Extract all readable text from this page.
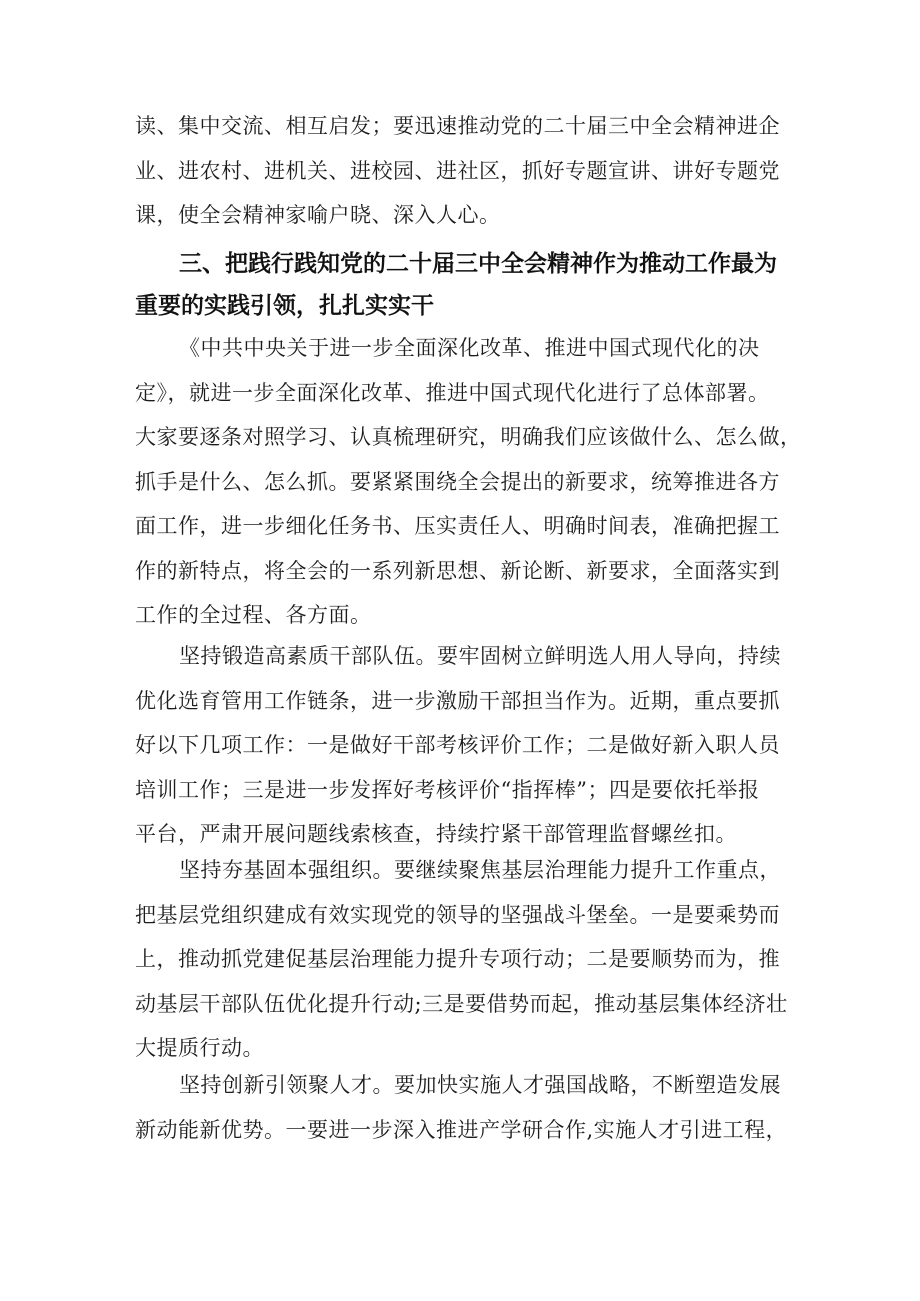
读、集中交流、相互启发；要迅速推动党的二十届三中全会精神进企
业、进农村、进机关、进校园、进社区，抓好专题宣讲、讲好专题党
课，使全会精神家喻户晓、深入人心。
三、把践行践知党的二十届三中全会精神作为推动工作最为
重要的实践引领，扎扎实实干
《中共中央关于进一步全面深化改革、推进中国式现代化的决
定》，就进一步全面深化改革、推进中国式现代化进行了总体部署。
大家要逐条对照学习、认真梳理研究，明确我们应该做什么、怎么做，
抓手是什么、怎么抓。要紧紧围绕全会提出的新要求，统筹推进各方
面工作，进一步细化任务书、压实责任人、明确时间表，准确把握工
作的新特点，将全会的一系列新思想、新论断、新要求，全面落实到
工作的全过程、各方面。
坚持锻造高素质干部队伍。要牢固树立鲜明选人用人导向，持续
优化选育管用工作链条，进一步激励干部担当作为。近期，重点要抓
好以下几项工作：一是做好干部考核评价工作；二是做好新入职人员
培训工作；三是进一步发挥好考核评价“指挥棒”；四是要依托举报
平台，严肃开展问题线索核查，持续拧紧干部管理监督螺丝扣。
坚持夯基固本强组织。要继续聚焦基层治理能力提升工作重点，
把基层党组织建成有效实现党的领导的坚强战斗堡垒。一是要乘势而
上，推动抓党建促基层治理能力提升专项行动；二是要顺势而为，推
动基层干部队伍优化提升行动;三是要借势而起，推动基层集体经济壮
大提质行动。
坚持创新引领聚人才。要加快实施人才强国战略，不断塑造发展
新动能新优势。一要进一步深入推进产学研合作,实施人才引进工程，
